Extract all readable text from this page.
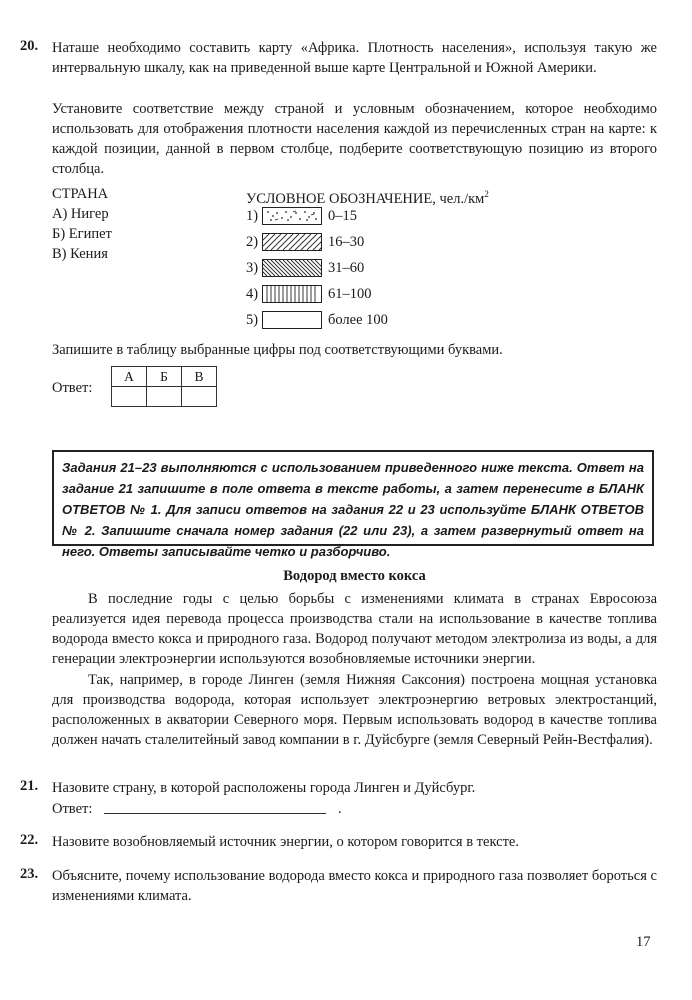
20. Наташе необходимо составить карту «Африка. Плотность населения», используя такую же интервальную шкалу, как на приведенной выше карте Центральной и Южной Америки.
Установите соответствие между страной и условным обозначением, которое необходимо использовать для отображения плотности населения каждой из перечисленных стран на карте: к каждой позиции, данной в первом столбце, подберите соответствующую позицию из второго столбца.
СТРАНА
А) Нигер
Б) Египет
В) Кения
УСЛОВНОЕ ОБОЗНАЧЕНИЕ, $чел./км^2$
1)	0–15
2)	16–30
3)	31–60
4)	61–100
5)	более 100
Запишите в таблицу выбранные цифры под соответствующими буквами.
Ответ:
А	Б	В

Задания 21–23 выполняются с использованием приведенного ниже текста. Ответ на задание 21 запишите в поле ответа в тексте работы, а затем перенесите в БЛАНК ОТВЕТОВ № 1. Для записи ответов на задания 22 и 23 используйте БЛАНК ОТВЕТОВ № 2. Запишите сначала номер задания (22 или 23), а затем развернутый ответ на него. Ответы записывайте четко и разборчиво.
Водород вместо кокса
В последние годы с целью борьбы с изменениями климата в странах Евросоюза реализуется идея перевода процесса производства стали на использование в качестве топлива водорода вместо кокса и природного газа. Водород получают методом электролиза из воды, а для генерации электроэнергии используются возобновляемые источники энергии.
Так, например, в городе Линген (земля Нижняя Саксония) построена мощная установка для производства водорода, которая использует электроэнергию ветровых электростанций, расположенных в акватории Северного моря. Первым использовать водород в качестве топлива должен начать сталелитейный завод компании в г. Дуйсбурге (земля Северный Рейн-Вестфалия).
21. Назовите страну, в которой расположены города Линген и Дуйсбург.
Ответ:	.
22. Назовите возобновляемый источник энергии, о котором говорится в тексте.
23. Объясните, почему использование водорода вместо кокса и природного газа позволяет бороться с изменениями климата.
17
